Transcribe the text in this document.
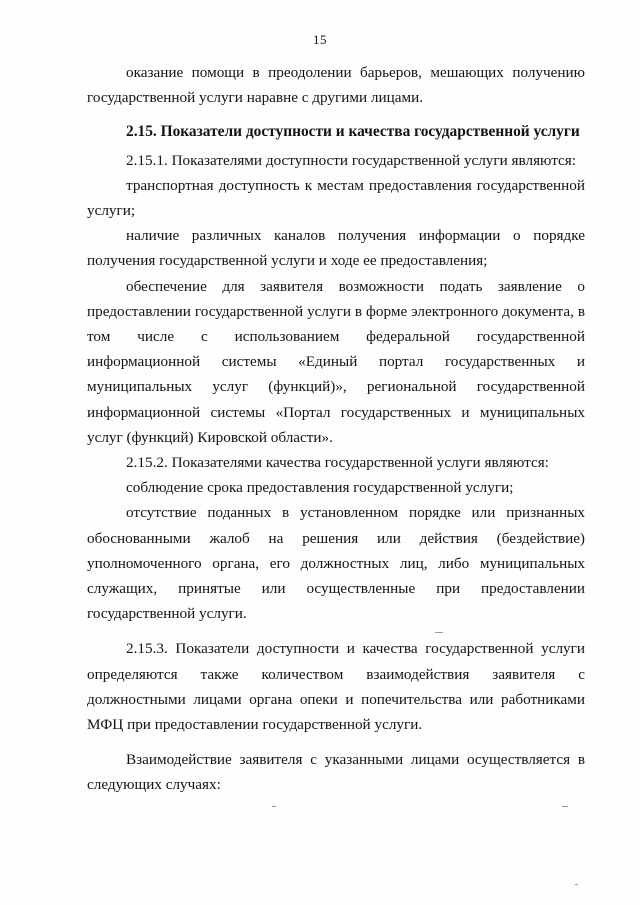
15

оказание помощи в преодолении барьеров, мешающих получению государственной услуги наравне с другими лицами.

2.15. Показатели доступности и качества государственной услуги

2.15.1. Показателями доступности государственной услуги являются:

транспортная доступность к местам предоставления государственной услуги;

наличие различных каналов получения информации о порядке получения государственной услуги и ходе ее предоставления;

обеспечение для заявителя возможности подать заявление о предоставлении государственной услуги в форме электронного документа, в том числе с использованием федеральной государственной информационной системы «Единый портал государственных и муниципальных услуг (функций)», региональной государственной информационной системы «Портал государственных и муниципальных услуг (функций) Кировской области».

2.15.2. Показателями качества государственной услуги являются:

соблюдение срока предоставления государственной услуги;

отсутствие поданных в установленном порядке или признанных обоснованными жалоб на решения или действия (бездействие) уполномоченного органа, его должностных лиц, либо муниципальных служащих, принятые или осуществленные при предоставлении государственной услуги.

2.15.3. Показатели доступности и качества государственной услуги определяются также количеством взаимодействия заявителя с должностными лицами органа опеки и попечительства или работниками МФЦ при предоставлении государственной услуги.

Взаимодействие заявителя с указанными лицами осуществляется в следующих случаях:
